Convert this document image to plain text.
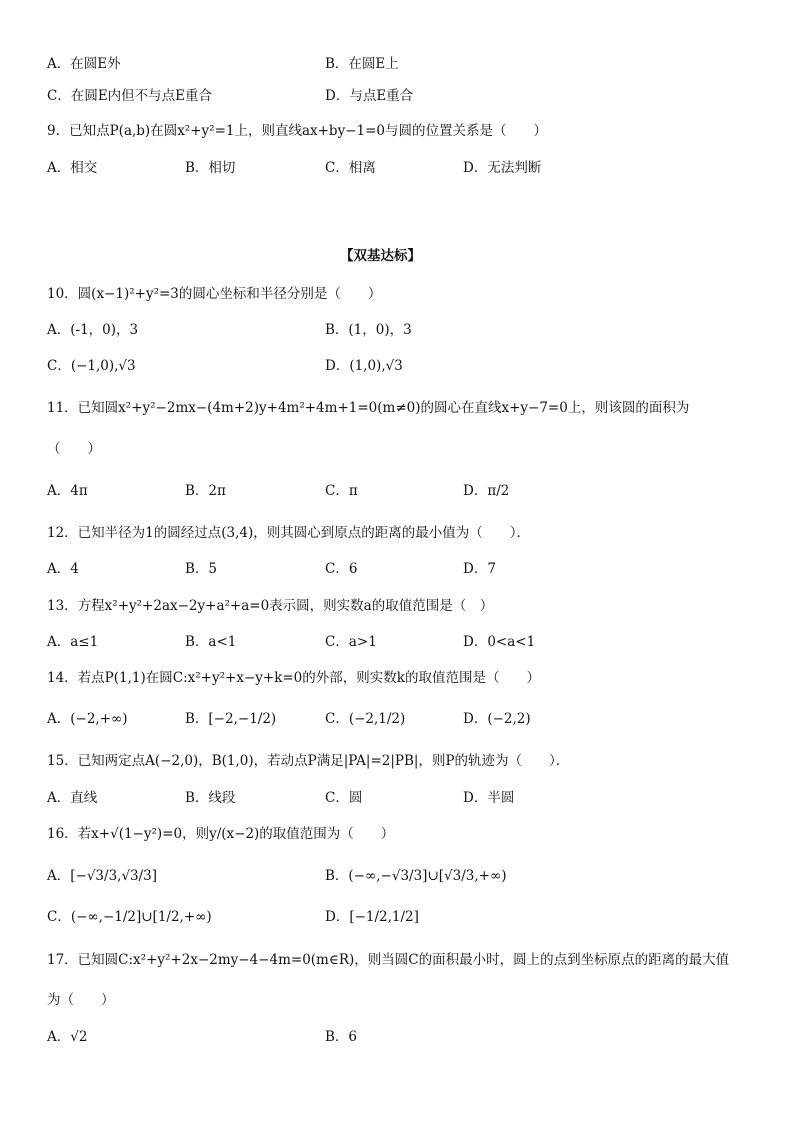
A．在圆E外	B．在圆E上
C．在圆E内但不与点E重合	D．与点E重合
9．已知点P(a,b)在圆x²+y²=1上，则直线ax+by−1=0与圆的位置关系是（　　）
A．相交	B．相切	C．相离	D．无法判断
【双基达标】
10．圆(x−1)²+y²=3的圆心坐标和半径分别是（　　）
A．(-1，0)，3	B．(1，0)，3
C．(−1,0),√3	D．(1,0),√3
11．已知圆x²+y²−2mx−(4m+2)y+4m²+4m+1=0(m≠0)的圆心在直线x+y−7=0上，则该圆的面积为
（　　）
A．4π	B．2π	C．π	D．π/2
12．已知半径为1的圆经过点(3,4)，则其圆心到原点的距离的最小值为（　　）．
A．4	B．5	C．6	D．7
13．方程x²+y²+2ax−2y+a²+a=0表示圆，则实数a的取值范围是（　）
A．a≤1	B．a<1	C．a>1	D．0<a<1
14．若点P(1,1)在圆C:x²+y²+x−y+k=0的外部，则实数k的取值范围是（　　）
A．(−2,+∞)	B．[−2,−1/2)	C．(−2,1/2)	D．(−2,2)
15．已知两定点A(−2,0)，B(1,0)，若动点P满足|PA|=2|PB|，则P的轨迹为（　　）．
A．直线	B．线段	C．圆	D．半圆
16．若x+√(1−y²)=0，则y/(x−2)的取值范围为（　　）
A．[−√3/3,√3/3]	B．(−∞,−√3/3]∪[√3/3,+∞)
C．(−∞,−1/2]∪[1/2,+∞)	D．[−1/2,1/2]
17．已知圆C:x²+y²+2x−2my−4−4m=0(m∈R)，则当圆C的面积最小时，圆上的点到坐标原点的距离的最大值
为（　　）
A．√2	B．6
